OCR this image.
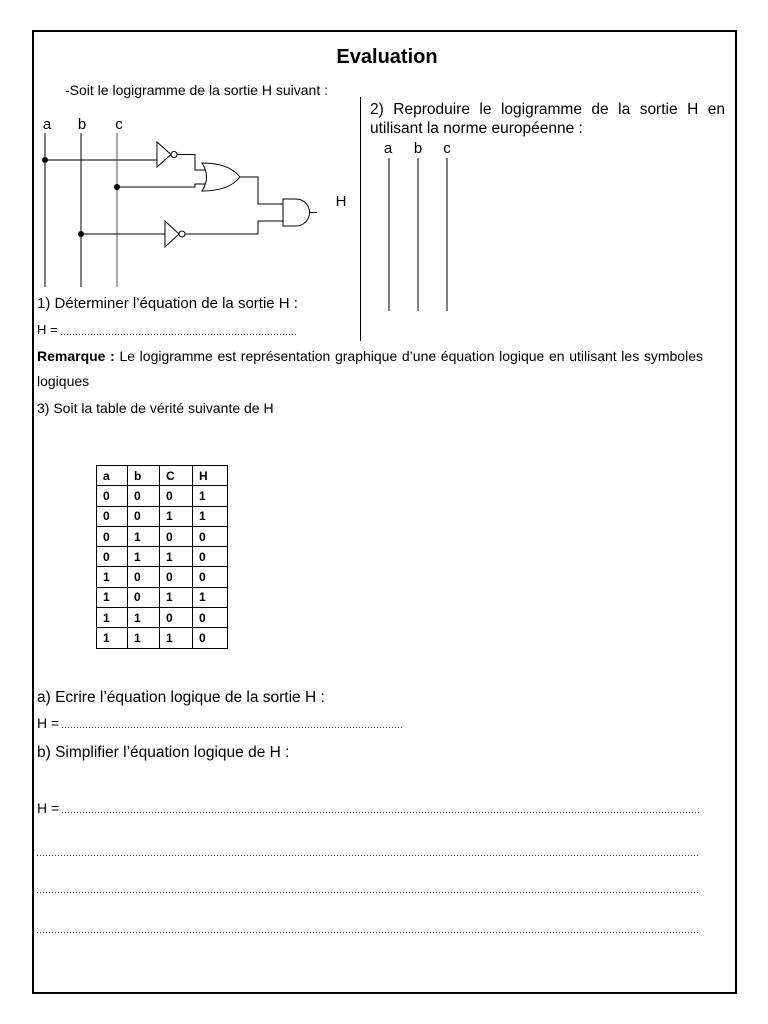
Evaluation
-Soit le logigramme de la sortie H suivant :
a b c
H
1) Déterminer l’équation de la sortie H :
H =
2) Reproduire le logigramme de la sortie H en utilisant la norme européenne :
a b c

Remarque : Le logigramme est représentation graphique d’une équation logique en utilisant les symboles logiques

3) Soit la table de vérité suivante de H
a	b	C	H
0	0	0	1
0	0	1	1
0	1	0	0
0	1	1	0
1	0	0	0
1	0	1	1
1	1	0	0
1	1	1	0
a) Ecrire l’équation logique de la sortie H :
H =
b) Simplifier l’équation logique de H :
H =
